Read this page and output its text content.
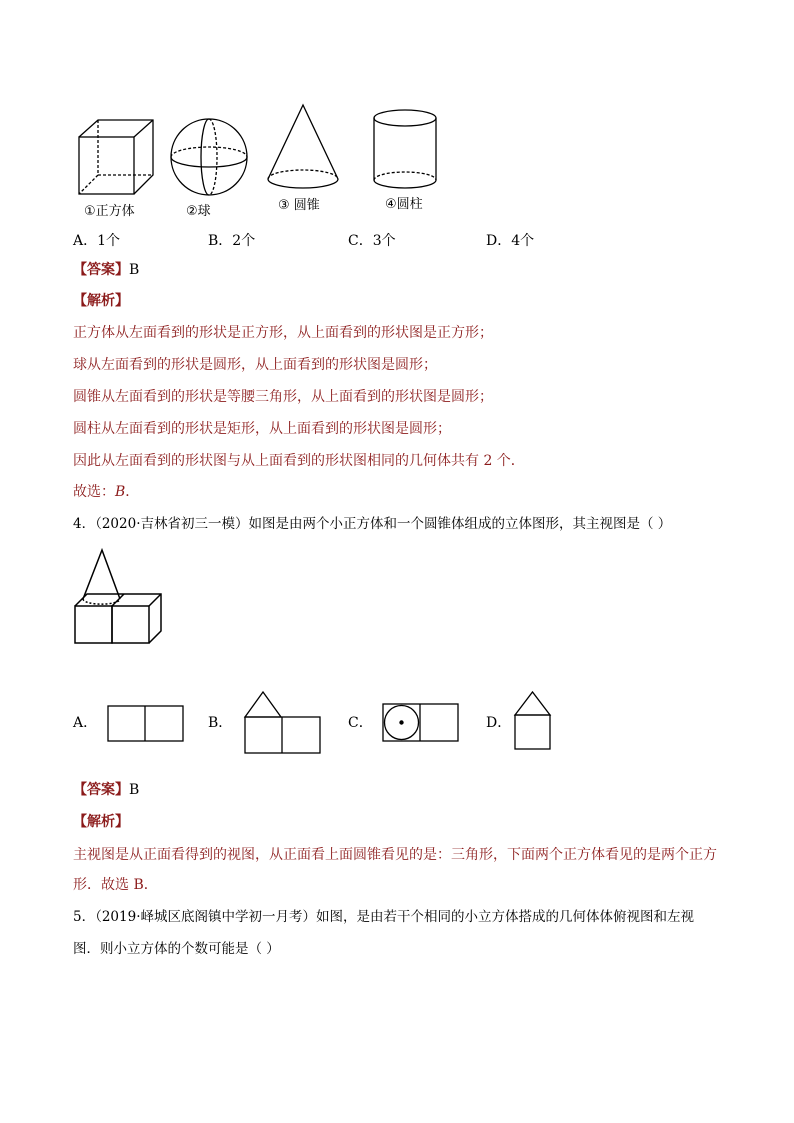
①正方体	②球	③ 圆锥	④圆柱
A．1个	B．2个	C．3个	D．4个
【答案】B
【解析】
正方体从左面看到的形状是正方形，从上面看到的形状图是正方形；
球从左面看到的形状是圆形，从上面看到的形状图是圆形；
圆锥从左面看到的形状是等腰三角形，从上面看到的形状图是圆形；
圆柱从左面看到的形状是矩形，从上面看到的形状图是圆形；
因此从左面看到的形状图与从上面看到的形状图相同的几何体共有 2 个．
故选：B．
4．（2020·吉林省初三一模）如图是由两个小正方体和一个圆锥体组成的立体图形，其主视图是（ ）
A．	B．	C．	D．
【答案】B
【解析】
主视图是从正面看得到的视图，从正面看上面圆锥看见的是：三角形，下面两个正方体看见的是两个正方
形．故选 B．
5．（2019·峄城区底阁镇中学初一月考）如图，是由若干个相同的小立方体搭成的几何体体俯视图和左视
图．则小立方体的个数可能是（ ）
